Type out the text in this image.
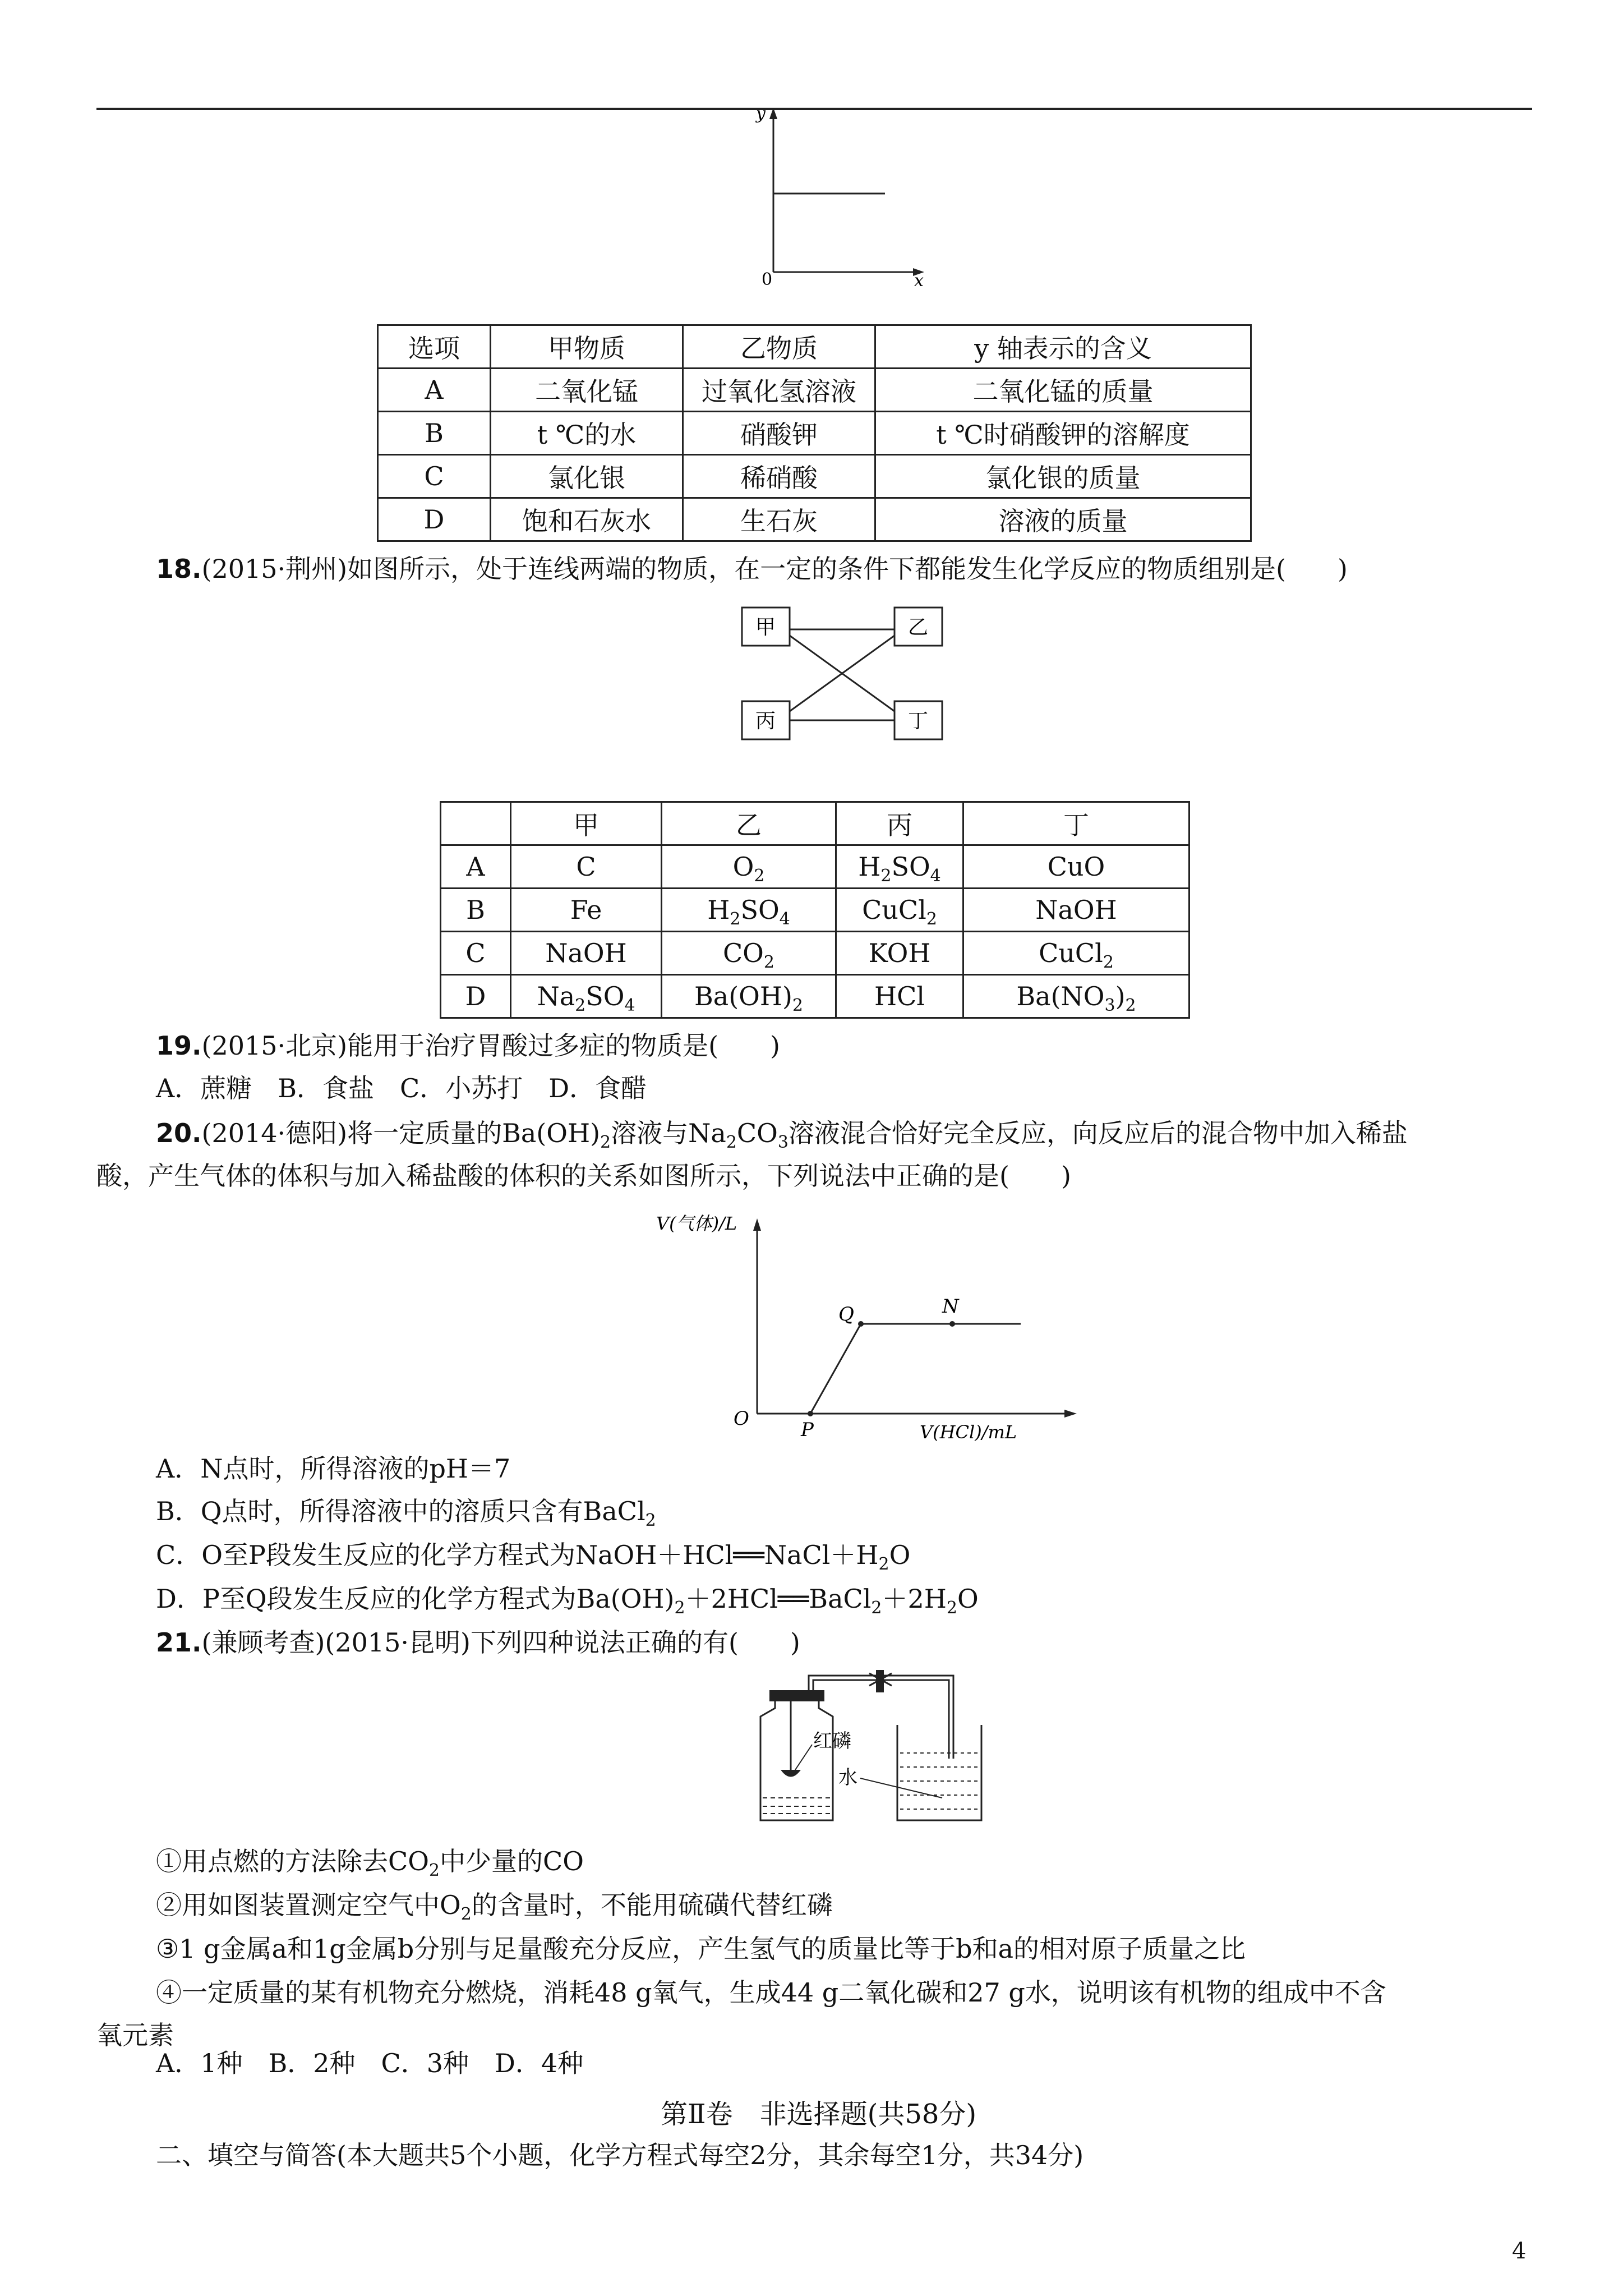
y
x
0
选项	甲物质	乙物质	y 轴表示的含义
A	二氧化锰	过氧化氢溶液	二氧化锰的质量
B	t ℃的水	硝酸钾	t ℃时硝酸钾的溶解度
C	氯化银	稀硝酸	氯化银的质量
D	饱和石灰水	生石灰	溶液的质量
18.(2015·荆州)如图所示，处于连线两端的物质，在一定的条件下都能发生化学反应的物质组别是(　　)
甲	乙
丙	丁
	甲	乙	丙	丁
A	C	$O_2$	$H_2SO_4$	CuO
B	Fe	$H_2SO_4$	CuCl$_2$	NaOH
C	NaOH	$CO_2$	KOH	CuCl$_2$
D	$Na_2SO_4$	$Ba(OH)_2$	HCl	$Ba(NO_3)_2$
19.(2015·北京)能用于治疗胃酸过多症的物质是(　　)
A．蔗糖　B．食盐　C．小苏打　D．食醋
20.(2014·德阳)将一定质量的$Ba(OH)_2$溶液与$Na_2CO_3$溶液混合恰好完全反应，向反应后的混合物中加入稀盐
酸，产生气体的体积与加入稀盐酸的体积的关系如图所示，下列说法中正确的是(　　)
V(气体)/L
V(HCl)/mL
O	P
Q	N
A．N点时，所得溶液的pH＝7
B．Q点时，所得溶液中的溶质只含有BaCl$_2$
C．O至P段发生反应的化学方程式为$NaOH+HCl══NaCl+H_2O$
D．P至Q段发生反应的化学方程式为$Ba(OH)_2+2HCl══BaCl_2+2H_2O$
21.(兼顾考查)(2015·昆明)下列四种说法正确的有(　　)
红磷
水
①用点燃的方法除去$CO_2$中少量的CO
②用如图装置测定空气中$O_2$的含量时，不能用硫磺代替红磷
③1 g金属a和1g金属b分别与足量酸充分反应，产生氢气的质量比等于b和a的相对原子质量之比
④一定质量的某有机物充分燃烧，消耗48 g氧气，生成44 g二氧化碳和27 g水，说明该有机物的组成中不含
氧元素
A．1种　B．2种　C．3种　D．4种
第Ⅱ卷　非选择题(共58分)
二、填空与简答(本大题共5个小题，化学方程式每空2分，其余每空1分，共34分)
4
